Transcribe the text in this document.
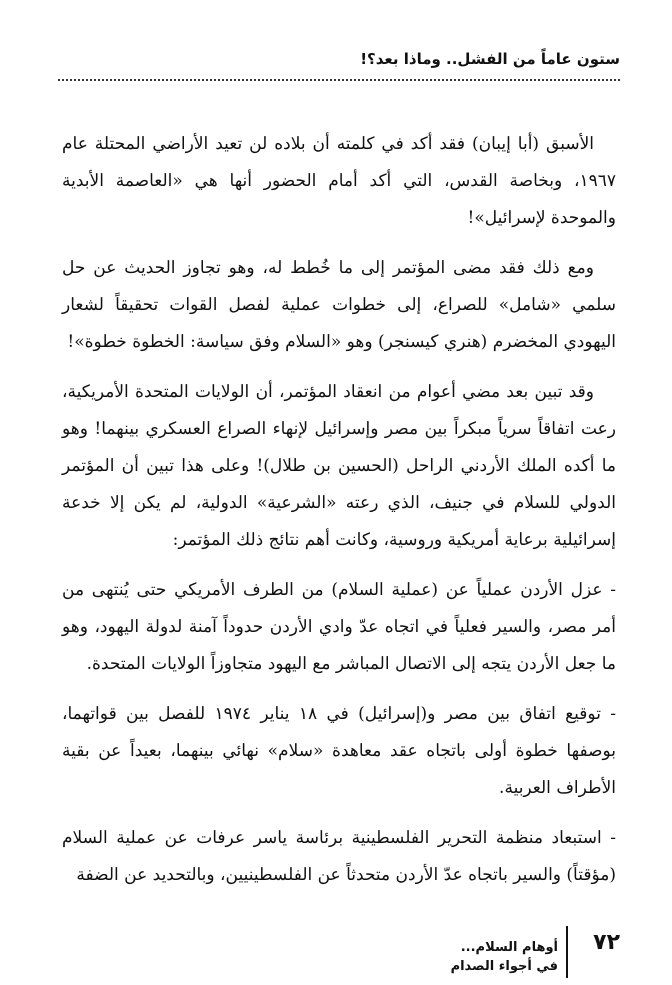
ستون عاماً من الفشل.. وماذا بعد؟!

الأسبق (أبا إيبان) فقد أكد في كلمته أن بلاده لن تعيد الأراضي المحتلة عام ١٩٦٧، وبخاصة القدس، التي أكد أمام الحضور أنها هي «العاصمة الأبدية والموحدة لإسرائيل»!

ومع ذلك فقد مضى المؤتمر إلى ما خُطط له، وهو تجاوز الحديث عن حل سلمي «شامل» للصراع، إلى خطوات عملية لفصل القوات تحقيقاً لشعار اليهودي المخضرم (هنري كيسنجر) وهو «السلام وفق سياسة: الخطوة خطوة»!

وقد تبين بعد مضي أعوام من انعقاد المؤتمر، أن الولايات المتحدة الأمريكية، رعت اتفاقاً سرياً مبكراً بين مصر وإسرائيل لإنهاء الصراع العسكري بينهما! وهو ما أكده الملك الأردني الراحل (الحسين بن طلال)! وعلى هذا تبين أن المؤتمر الدولي للسلام في جنيف، الذي رعته «الشرعية» الدولية، لم يكن إلا خدعة إسرائيلية برعاية أمريكية وروسية، وكانت أهم نتائج ذلك المؤتمر:

- عزل الأردن عملياً عن (عملية السلام) من الطرف الأمريكي حتى يُنتهى من أمر مصر، والسير فعلياً في اتجاه عدّ وادي الأردن حدوداً آمنة لدولة اليهود، وهو ما جعل الأردن يتجه إلى الاتصال المباشر مع اليهود متجاوزاً الولايات المتحدة.

- توقيع اتفاق بين مصر و(إسرائيل) في ١٨ يناير ١٩٧٤ للفصل بين قواتهما، بوصفها خطوة أولى باتجاه عقد معاهدة «سلام» نهائي بينهما، بعيداً عن بقية الأطراف العربية.

- استبعاد منظمة التحرير الفلسطينية برئاسة ياسر عرفات عن عملية السلام (مؤقتاً) والسير باتجاه عدّ الأردن متحدثاً عن الفلسطينيين، وبالتحديد عن الضفة

٧٢
أوهام السلام...
في أجواء الصدام
